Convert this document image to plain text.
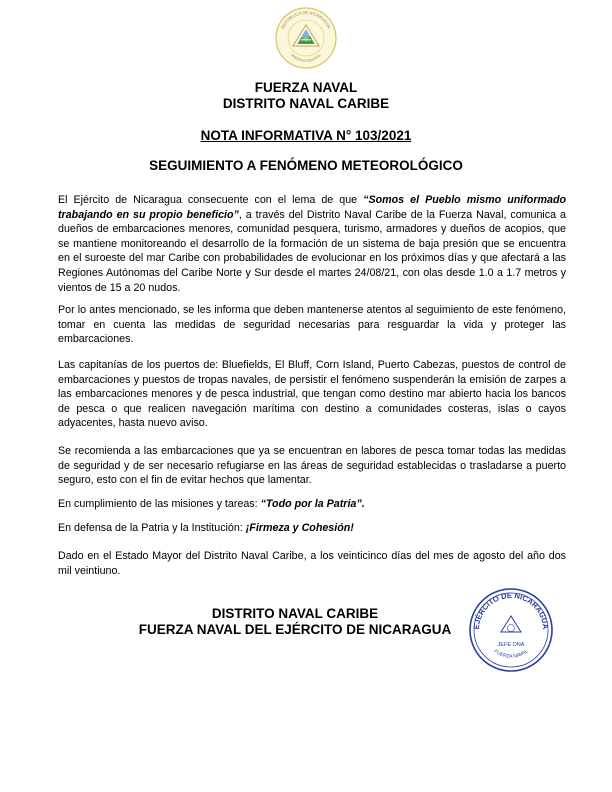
REPÚBLICA DE NICARAGUA
AMÉRICA CENTRAL
FUERZA NAVAL
DISTRITO NAVAL CARIBE
NOTA INFORMATIVA N° 103/2021
SEGUIMIENTO A FENÓMENO METEOROLÓGICO

El Ejército de Nicaragua consecuente con el lema de que “Somos el Pueblo mismo uniformado trabajando en su propio beneficio”, a través del Distrito Naval Caribe de la Fuerza Naval, comunica a dueños de embarcaciones menores, comunidad pesquera, turismo, armadores y dueños de acopios, que se mantiene monitoreando el desarrollo de la formación de un sistema de baja presión que se encuentra en el suroeste del mar Caribe con probabilidades de evolucionar en los próximos días y que afectará a las Regiones Autónomas del Caribe Norte y Sur desde el martes 24/08/21, con olas desde 1.0 a 1.7 metros y vientos de 15 a 20 nudos.

Por lo antes mencionado, se les informa que deben mantenerse atentos al seguimiento de este fenómeno, tomar en cuenta las medidas de seguridad necesarias para resguardar la vida y proteger las embarcaciones.

Las capitanías de los puertos de: Bluefields, El Bluff, Corn Island, Puerto Cabezas, puestos de control de embarcaciones y puestos de tropas navales, de persistir el fenómeno suspenderán la emisión de zarpes a las embarcaciones menores y de pesca industrial, que tengan como destino mar abierto hacia los bancos de pesca o que realicen navegación marítima con destino a comunidades costeras, islas o cayos adyacentes, hasta nuevo aviso.

Se recomienda a las embarcaciones que ya se encuentran en labores de pesca tomar todas las medidas de seguridad y de ser necesario refugiarse en las áreas de seguridad establecidas o trasladarse a puerto seguro, esto con el fin de evitar hechos que lamentar.

En cumplimiento de las misiones y tareas: “Todo por la Patria”.

En defensa de la Patria y la Institución: ¡Firmeza y Cohesión!

Dado en el Estado Mayor del Distrito Naval Caribe, a los veinticinco días del mes de agosto del año dos mil veintiuno.

DISTRITO NAVAL CARIBE
FUERZA NAVAL DEL EJÉRCITO DE NICARAGUA	EJÉRCITO DE NICARAGUA
JEFE DNA
FUERZA NAVAL
